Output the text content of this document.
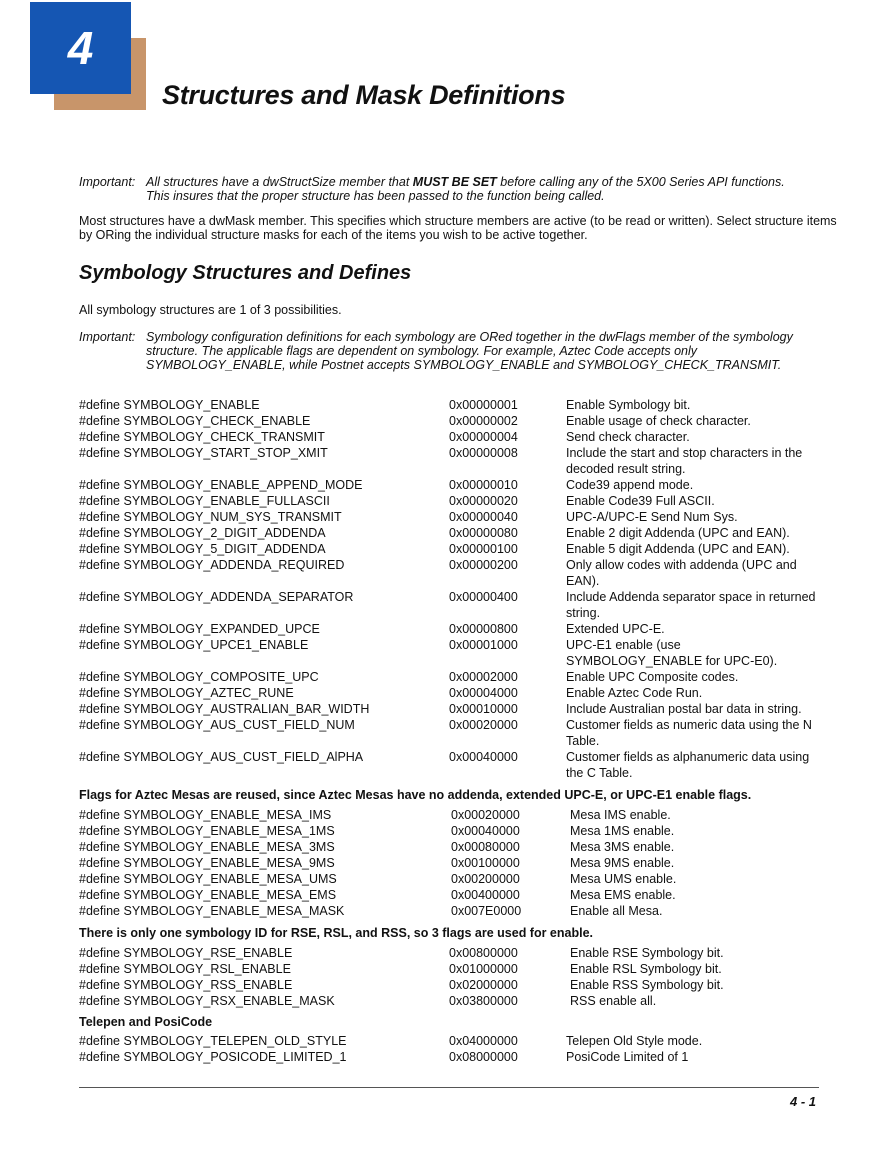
4
Structures and Mask Definitions
Important: All structures have a dwStructSize member that MUST BE SET before calling any of the 5X00 Series API functions.
This insures that the proper structure has been passed to the function being called.
Most structures have a dwMask member. This specifies which structure members are active (to be read or written). Select structure items by ORing the individual structure masks for each of the items you wish to be active together.
Symbology Structures and Defines
All symbology structures are 1 of 3 possibilities.
Important: Symbology configuration definitions for each symbology are ORed together in the dwFlags member of the symbology
structure. The applicable flags are dependent on symbology. For example, Aztec Code accepts only
SYMBOLOGY_ENABLE, while Postnet accepts SYMBOLOGY_ENABLE and SYMBOLOGY_CHECK_TRANSMIT.
#define SYMBOLOGY_ENABLE	0x00000001	Enable Symbology bit.
#define SYMBOLOGY_CHECK_ENABLE	0x00000002	Enable usage of check character.
#define SYMBOLOGY_CHECK_TRANSMIT	0x00000004	Send check character.
#define SYMBOLOGY_START_STOP_XMIT	0x00000008	Include the start and stop characters in the decoded result string.
#define SYMBOLOGY_ENABLE_APPEND_MODE	0x00000010	Code39 append mode.
#define SYMBOLOGY_ENABLE_FULLASCII	0x00000020	Enable Code39 Full ASCII.
#define SYMBOLOGY_NUM_SYS_TRANSMIT	0x00000040	UPC-A/UPC-E Send Num Sys.
#define SYMBOLOGY_2_DIGIT_ADDENDA	0x00000080	Enable 2 digit Addenda (UPC and EAN).
#define SYMBOLOGY_5_DIGIT_ADDENDA	0x00000100	Enable 5 digit Addenda (UPC and EAN).
#define SYMBOLOGY_ADDENDA_REQUIRED	0x00000200	Only allow codes with addenda (UPC and EAN).
#define SYMBOLOGY_ADDENDA_SEPARATOR	0x00000400	Include Addenda separator space in returned string.
#define SYMBOLOGY_EXPANDED_UPCE	0x00000800	Extended UPC-E.
#define SYMBOLOGY_UPCE1_ENABLE	0x00001000	UPC-E1 enable (use SYMBOLOGY_ENABLE for UPC-E0).
#define SYMBOLOGY_COMPOSITE_UPC	0x00002000	Enable UPC Composite codes.
#define SYMBOLOGY_AZTEC_RUNE	0x00004000	Enable Aztec Code Run.
#define SYMBOLOGY_AUSTRALIAN_BAR_WIDTH	0x00010000	Include Australian postal bar data in string.
#define SYMBOLOGY_AUS_CUST_FIELD_NUM	0x00020000	Customer fields as numeric data using the N Table.
#define SYMBOLOGY_AUS_CUST_FIELD_AlPHA	0x00040000	Customer fields as alphanumeric data using the C Table.
Flags for Aztec Mesas are reused, since Aztec Mesas have no addenda, extended UPC-E, or UPC-E1 enable flags.
#define SYMBOLOGY_ENABLE_MESA_IMS	0x00020000	Mesa IMS enable.
#define SYMBOLOGY_ENABLE_MESA_1MS	0x00040000	Mesa 1MS enable.
#define SYMBOLOGY_ENABLE_MESA_3MS	0x00080000	Mesa 3MS enable.
#define SYMBOLOGY_ENABLE_MESA_9MS	0x00100000	Mesa 9MS enable.
#define SYMBOLOGY_ENABLE_MESA_UMS	0x00200000	Mesa UMS enable.
#define SYMBOLOGY_ENABLE_MESA_EMS	0x00400000	Mesa EMS enable.
#define SYMBOLOGY_ENABLE_MESA_MASK	0x007E0000	Enable all Mesa.
There is only one symbology ID for RSE, RSL, and RSS, so 3 flags are used for enable.
#define SYMBOLOGY_RSE_ENABLE	0x00800000	Enable RSE Symbology bit.
#define SYMBOLOGY_RSL_ENABLE	0x01000000	Enable RSL Symbology bit.
#define SYMBOLOGY_RSS_ENABLE	0x02000000	Enable RSS Symbology bit.
#define SYMBOLOGY_RSX_ENABLE_MASK	0x03800000	RSS enable all.
Telepen and PosiCode
#define SYMBOLOGY_TELEPEN_OLD_STYLE	0x04000000	Telepen Old Style mode.
#define SYMBOLOGY_POSICODE_LIMITED_1	0x08000000	PosiCode Limited of 1
4 - 1
